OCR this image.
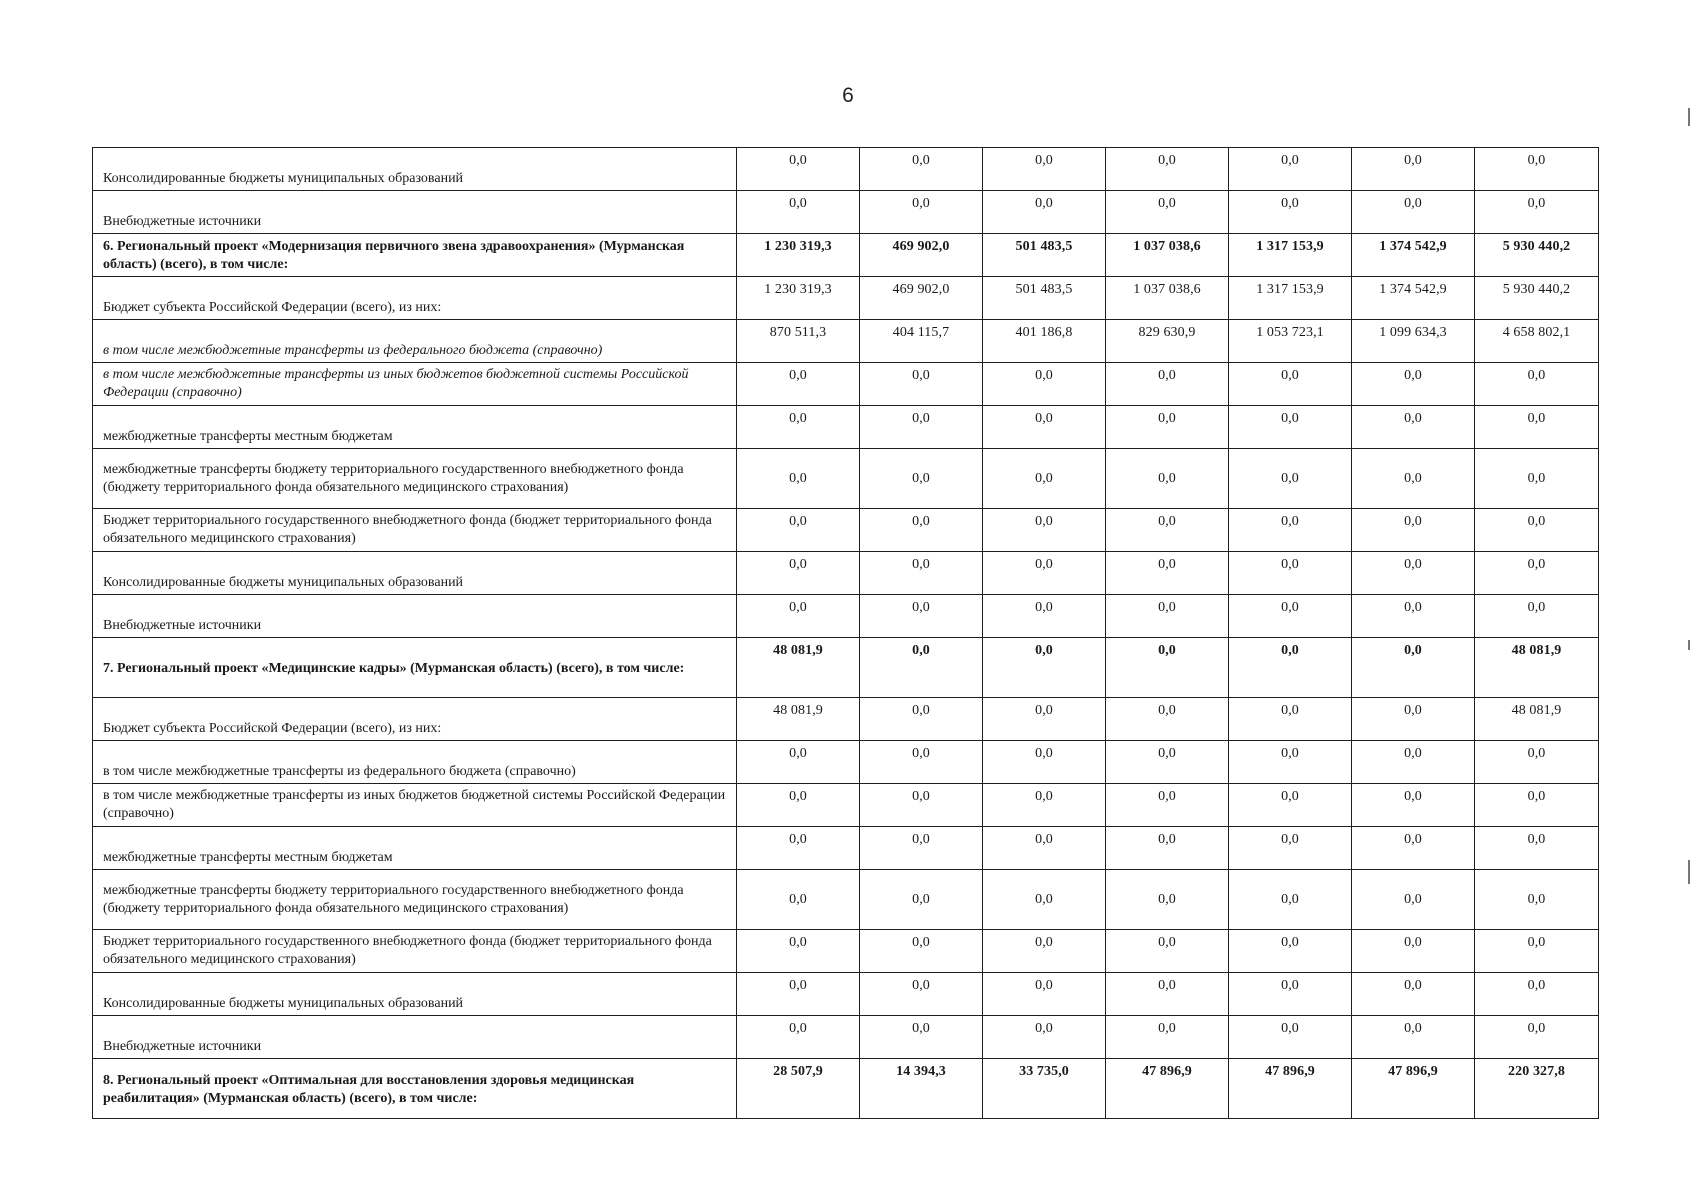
6
Консолидированные бюджеты муниципальных образований	0,0	0,0	0,0	0,0	0,0	0,0	0,0
Внебюджетные источники	0,0	0,0	0,0	0,0	0,0	0,0	0,0
6. Региональный проект «Модернизация первичного звена здравоохранения» (Мурманская область) (всего), в том числе:	1 230 319,3	469 902,0	501 483,5	1 037 038,6	1 317 153,9	1 374 542,9	5 930 440,2
Бюджет субъекта Российской Федерации (всего), из них:	1 230 319,3	469 902,0	501 483,5	1 037 038,6	1 317 153,9	1 374 542,9	5 930 440,2
в том числе межбюджетные трансферты из федерального бюджета (справочно)	870 511,3	404 115,7	401 186,8	829 630,9	1 053 723,1	1 099 634,3	4 658 802,1
в том числе межбюджетные трансферты из иных бюджетов бюджетной системы Российской Федерации (справочно)	0,0	0,0	0,0	0,0	0,0	0,0	0,0
межбюджетные трансферты местным бюджетам	0,0	0,0	0,0	0,0	0,0	0,0	0,0
межбюджетные трансферты бюджету территориального государственного внебюджетного фонда (бюджету территориального фонда обязательного медицинского страхования)	0,0	0,0	0,0	0,0	0,0	0,0	0,0
Бюджет территориального государственного внебюджетного фонда (бюджет территориального фонда обязательного медицинского страхования)	0,0	0,0	0,0	0,0	0,0	0,0	0,0
Консолидированные бюджеты муниципальных образований	0,0	0,0	0,0	0,0	0,0	0,0	0,0
Внебюджетные источники	0,0	0,0	0,0	0,0	0,0	0,0	0,0
7. Региональный проект «Медицинские кадры» (Мурманская область) (всего), в том числе:	48 081,9	0,0	0,0	0,0	0,0	0,0	48 081,9
Бюджет субъекта Российской Федерации (всего), из них:	48 081,9	0,0	0,0	0,0	0,0	0,0	48 081,9
в том числе межбюджетные трансферты из федерального бюджета (справочно)	0,0	0,0	0,0	0,0	0,0	0,0	0,0
в том числе межбюджетные трансферты из иных бюджетов бюджетной системы Российской Федерации (справочно)	0,0	0,0	0,0	0,0	0,0	0,0	0,0
межбюджетные трансферты местным бюджетам	0,0	0,0	0,0	0,0	0,0	0,0	0,0
межбюджетные трансферты бюджету территориального государственного внебюджетного фонда (бюджету территориального фонда обязательного медицинского страхования)	0,0	0,0	0,0	0,0	0,0	0,0	0,0
Бюджет территориального государственного внебюджетного фонда (бюджет территориального фонда обязательного медицинского страхования)	0,0	0,0	0,0	0,0	0,0	0,0	0,0
Консолидированные бюджеты муниципальных образований	0,0	0,0	0,0	0,0	0,0	0,0	0,0
Внебюджетные источники	0,0	0,0	0,0	0,0	0,0	0,0	0,0
8. Региональный проект «Оптимальная для восстановления здоровья медицинская реабилитация» (Мурманская область) (всего), в том числе:	28 507,9	14 394,3	33 735,0	47 896,9	47 896,9	47 896,9	220 327,8
